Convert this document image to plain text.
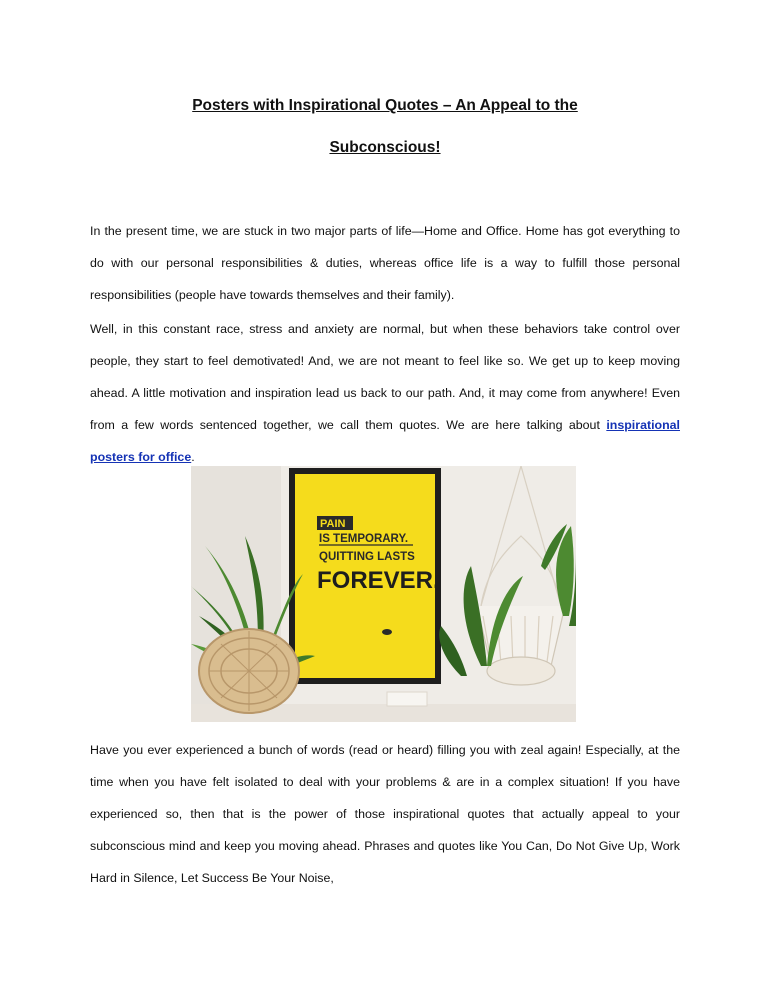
Posters with Inspirational Quotes – An Appeal to the
Subconscious!

In the present time, we are stuck in two major parts of life—Home and Office. Home has got everything to do with our personal responsibilities & duties, whereas office life is a way to fulfill those personal responsibilities (people have towards themselves and their family).

Well, in this constant race, stress and anxiety are normal, but when these behaviors take control over people, they start to feel demotivated! And, we are not meant to feel like so. We get up to keep moving ahead. A little motivation and inspiration lead us back to our path. And, it may come from anywhere! Even from a few words sentenced together, we call them quotes. We are here talking about inspirational posters for office.

PAIN
IS TEMPORARY.
QUITTING LASTS
FOREVER.

Have you ever experienced a bunch of words (read or heard) filling you with zeal again! Especially, at the time when you have felt isolated to deal with your problems & are in a complex situation! If you have experienced so, then that is the power of those inspirational quotes that actually appeal to your subconscious mind and keep you moving ahead. Phrases and quotes like You Can, Do Not Give Up, Work Hard in Silence, Let Success Be Your Noise,
